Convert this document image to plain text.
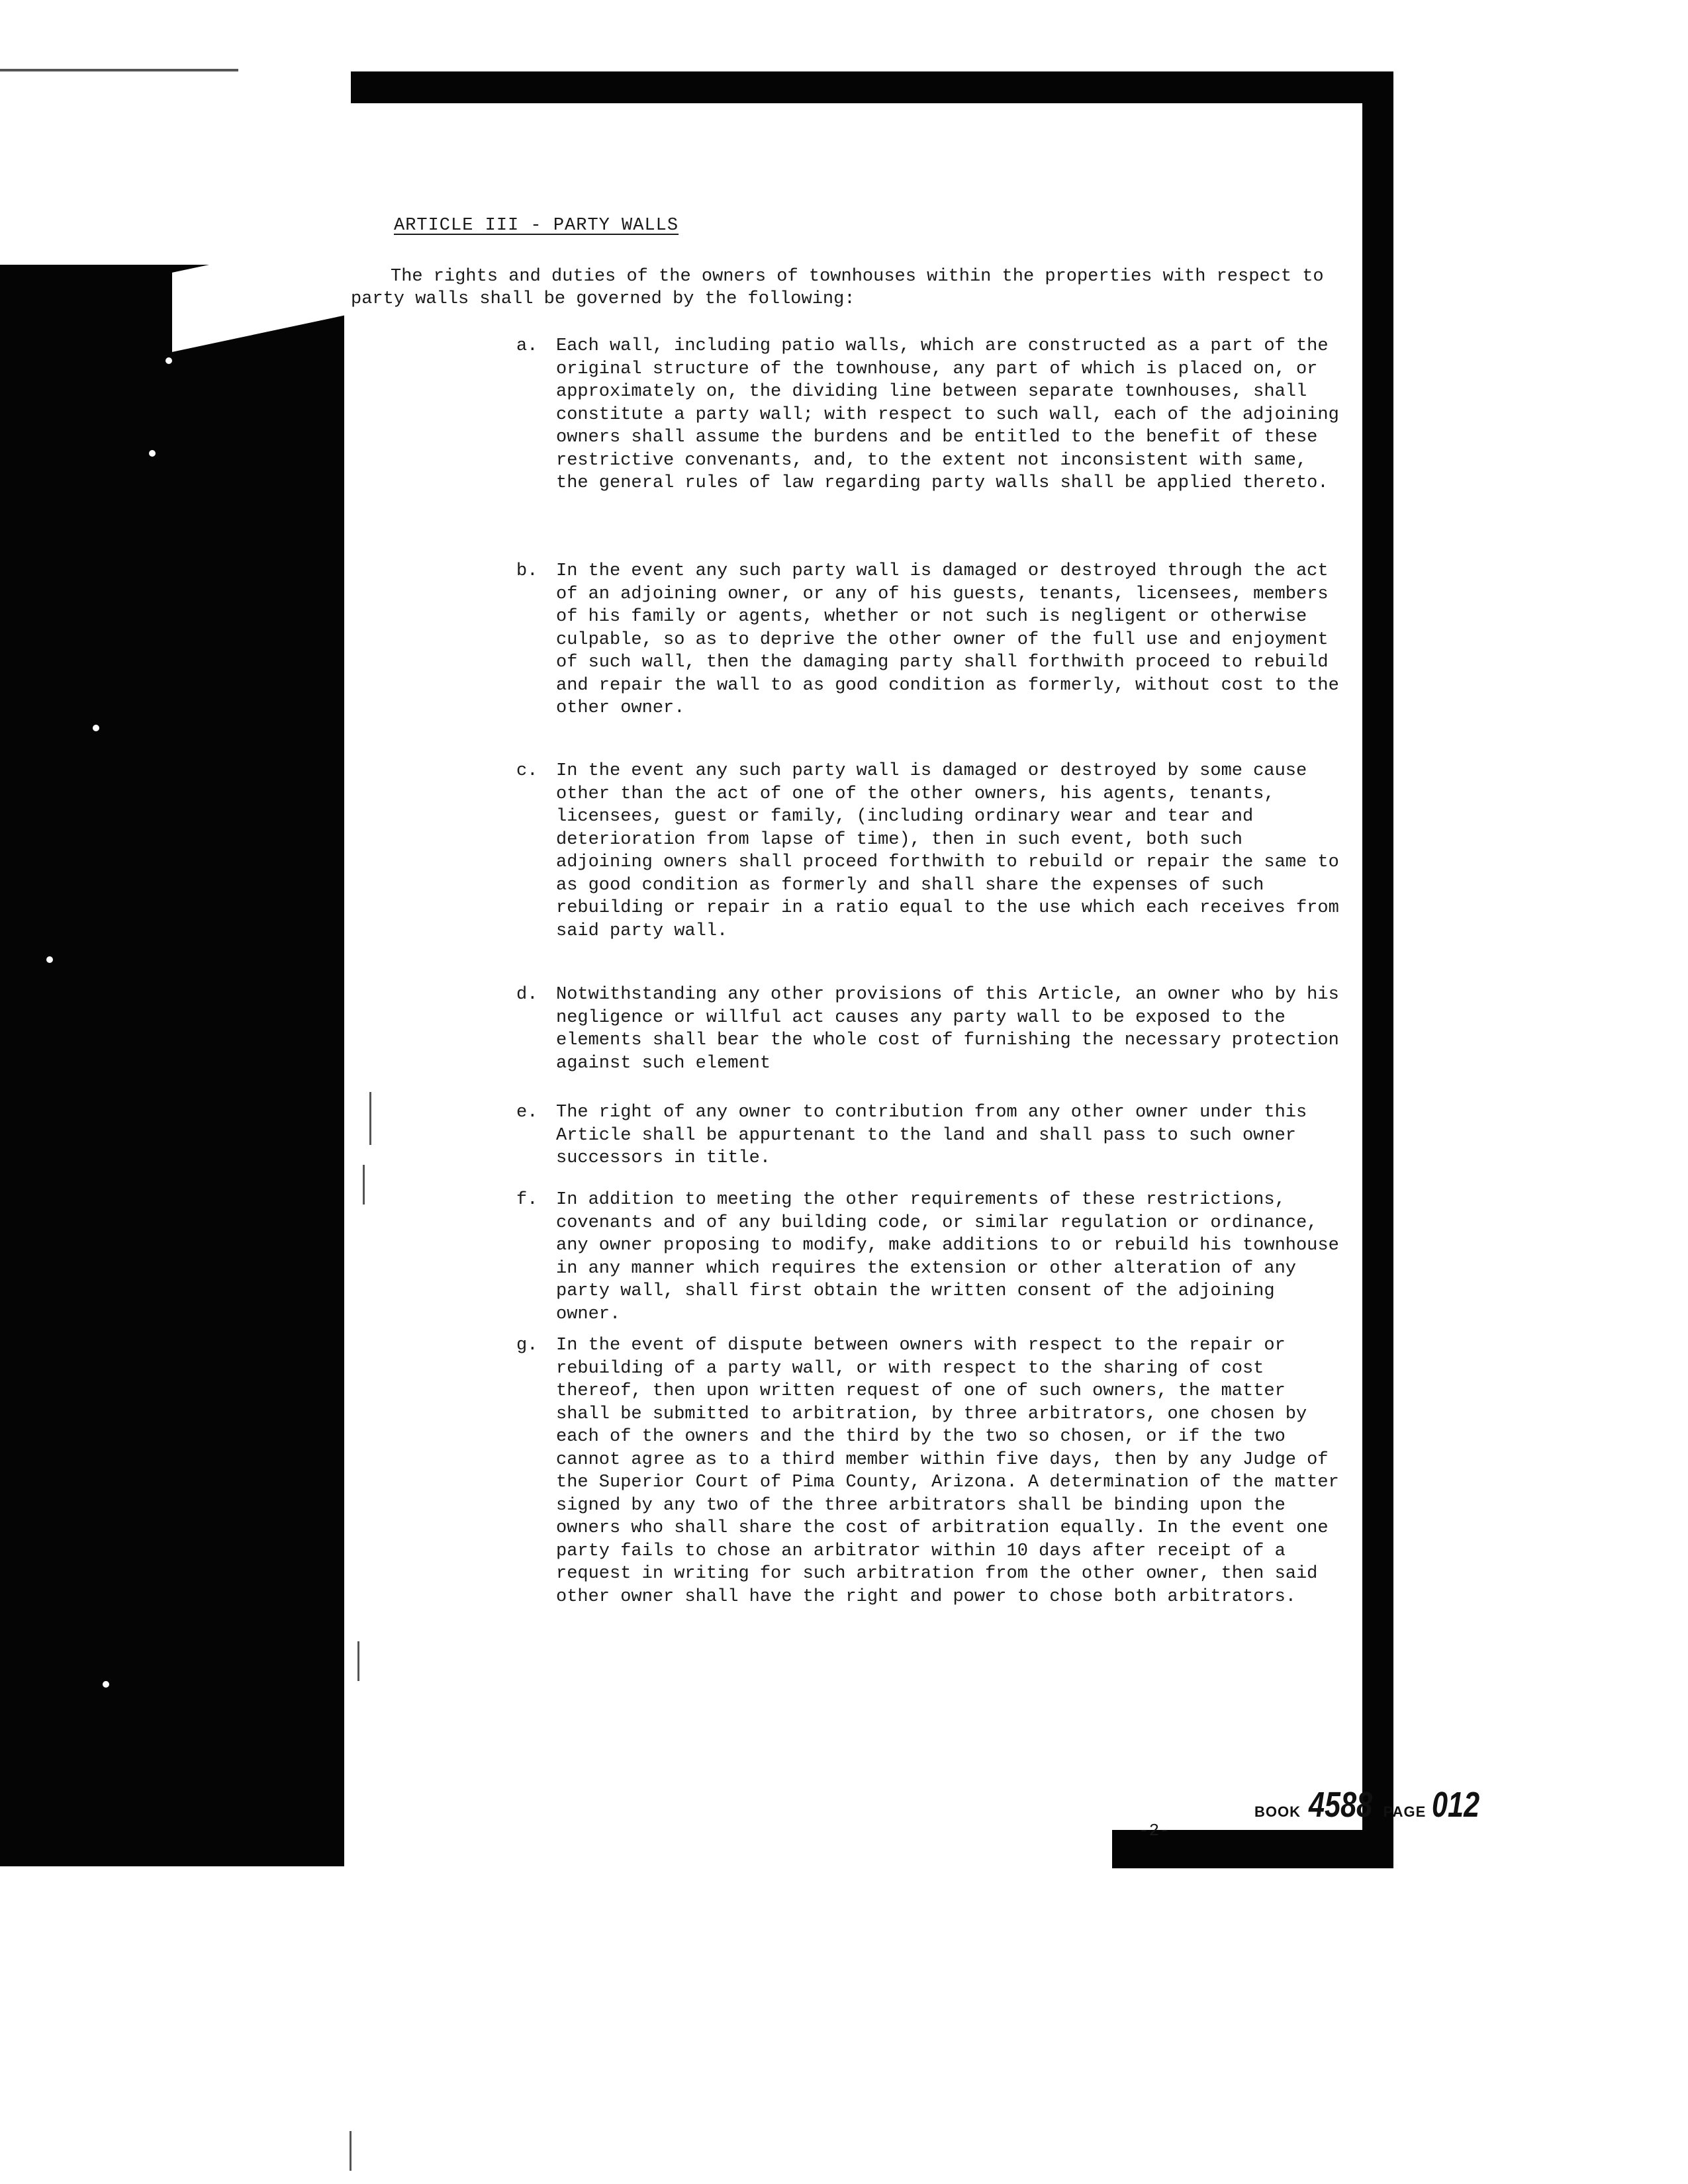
ARTICLE III - PARTY WALLS

The rights and duties of the owners of townhouses within the properties with respect to party walls shall be governed by the following:

a. Each wall, including patio walls, which are constructed as a part of the original structure of the townhouse, any part of which is placed on, or approximately on, the dividing line between separate townhouses, shall constitute a party wall; with respect to such wall, each of the adjoining owners shall assume the burdens and be entitled to the benefit of these restrictive convenants, and, to the extent not inconsistent with same, the general rules of law regarding party walls shall be applied thereto.
b. In the event any such party wall is damaged or destroyed through the act of an adjoining owner, or any of his guests, tenants, licensees, members of his family or agents, whether or not such is negligent or otherwise culpable, so as to deprive the other owner of the full use and enjoyment of such wall, then the damaging party shall forthwith proceed to rebuild and repair the wall to as good condition as formerly, without cost to the other owner.
c. In the event any such party wall is damaged or destroyed by some cause other than the act of one of the other owners, his agents, tenants, licensees, guest or family, (including ordinary wear and tear and deterioration from lapse of time), then in such event, both such adjoining owners shall proceed forthwith to rebuild or repair the same to as good condition as formerly and shall share the expenses of such rebuilding or repair in a ratio equal to the use which each receives from said party wall.
d. Notwithstanding any other provisions of this Article, an owner who by his negligence or willful act causes any party wall to be exposed to the elements shall bear the whole cost of furnishing the necessary protection against such element
e. The right of any owner to contribution from any other owner under this Article shall be appurtenant to the land and shall pass to such owner successors in title.
f. In addition to meeting the other requirements of these restrictions, covenants and of any building code, or similar regulation or ordinance, any owner proposing to modify, make additions to or rebuild his townhouse in any manner which requires the extension or other alteration of any party wall, shall first obtain the written consent of the adjoining owner.
g. In the event of dispute between owners with respect to the repair or rebuilding of a party wall, or with respect to the sharing of cost thereof, then upon written request of one of such owners, the matter shall be submitted to arbitration, by three arbitrators, one chosen by each of the owners and the third by the two so chosen, or if the two cannot agree as to a third member within five days, then by any Judge of the Superior Court of Pima County, Arizona. A determination of the matter signed by any two of the three arbitrators shall be binding upon the owners who shall share the cost of arbitration equally. In the event one party fails to chose an arbitrator within 10 days after receipt of a request in writing for such arbitration from the other owner, then said other owner shall have the right and power to chose both arbitrators.
BOOK 4588 PAGE 012
-2-
